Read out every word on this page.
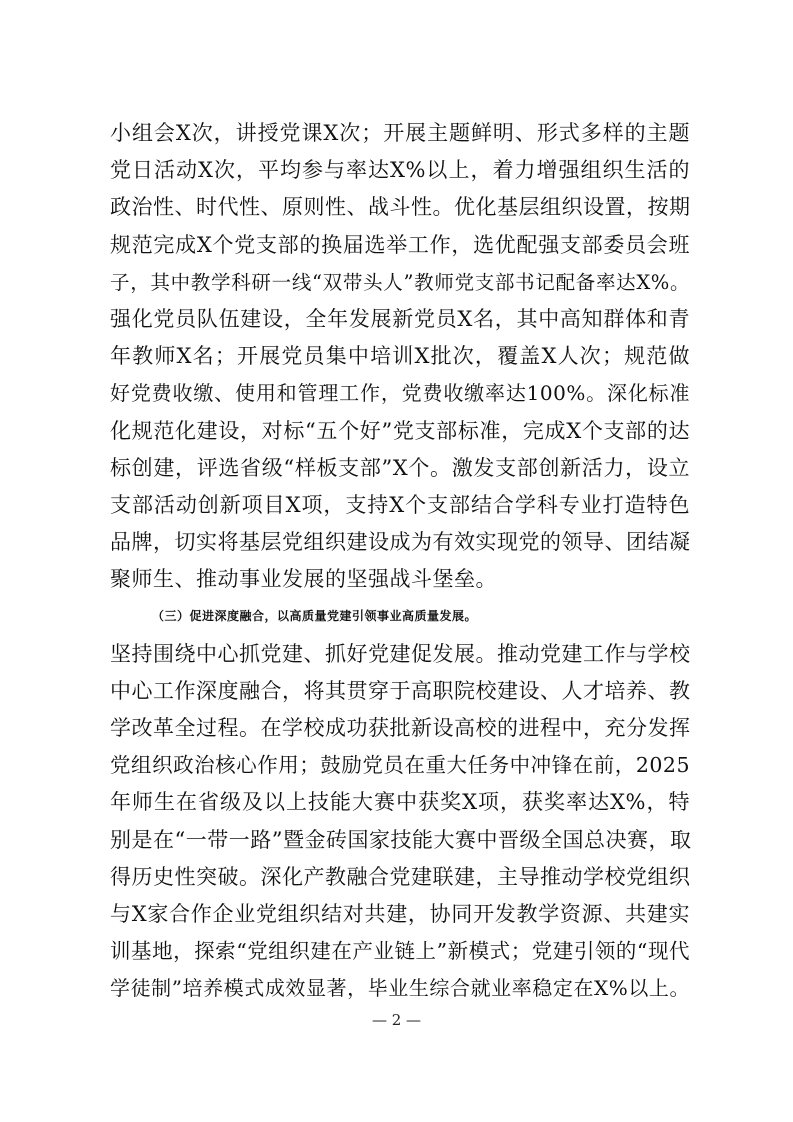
小组会X次，讲授党课X次；开展主题鲜明、形式多样的主题
党日活动X次，平均参与率达X%以上，着力增强组织生活的
政治性、时代性、原则性、战斗性。优化基层组织设置，按期
规范完成X个党支部的换届选举工作，选优配强支部委员会班
子，其中教学科研一线“双带头人”教师党支部书记配备率达X%。
强化党员队伍建设，全年发展新党员X名，其中高知群体和青
年教师X名；开展党员集中培训X批次，覆盖X人次；规范做
好党费收缴、使用和管理工作，党费收缴率达100%。深化标准
化规范化建设，对标“五个好”党支部标准，完成X个支部的达
标创建，评选省级“样板支部”X个。激发支部创新活力，设立
支部活动创新项目X项，支持X个支部结合学科专业打造特色
品牌，切实将基层党组织建设成为有效实现党的领导、团结凝
聚师生、推动事业发展的坚强战斗堡垒。
（三）促进深度融合，以高质量党建引领事业高质量发展。
坚持围绕中心抓党建、抓好党建促发展。推动党建工作与学校
中心工作深度融合，将其贯穿于高职院校建设、人才培养、教
学改革全过程。在学校成功获批新设高校的进程中，充分发挥
党组织政治核心作用；鼓励党员在重大任务中冲锋在前，2025
年师生在省级及以上技能大赛中获奖X项，获奖率达X%，特
别是在“一带一路”暨金砖国家技能大赛中晋级全国总决赛，取
得历史性突破。深化产教融合党建联建，主导推动学校党组织
与X家合作企业党组织结对共建，协同开发教学资源、共建实
训基地，探索“党组织建在产业链上”新模式；党建引领的“现代
学徒制”培养模式成效显著，毕业生综合就业率稳定在X%以上。
— 2 —
